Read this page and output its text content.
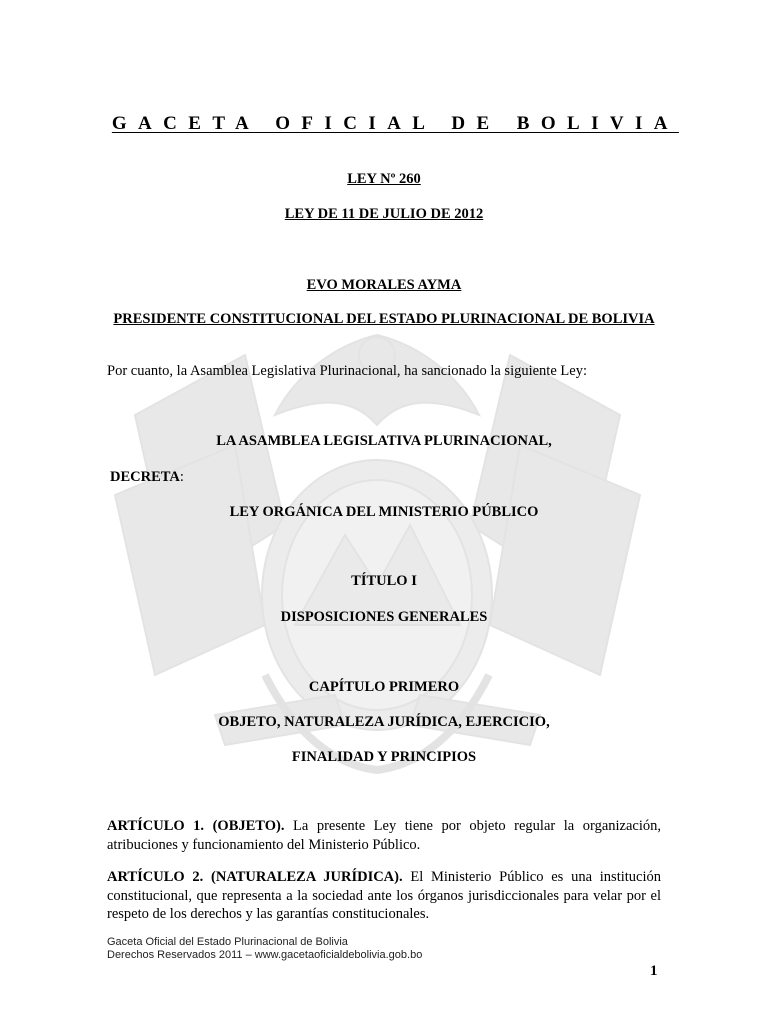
GACETA OFICIAL DE BOLIVIA
LEY Nº 260
LEY DE 11 DE JULIO DE 2012
EVO MORALES AYMA
PRESIDENTE CONSTITUCIONAL DEL ESTADO PLURINACIONAL DE BOLIVIA
Por cuanto, la Asamblea Legislativa Plurinacional, ha sancionado la siguiente Ley:
LA ASAMBLEA LEGISLATIVA PLURINACIONAL,
DECRETA:
LEY ORGÁNICA DEL MINISTERIO PÚBLICO
TÍTULO I
DISPOSICIONES GENERALES
CAPÍTULO PRIMERO
OBJETO, NATURALEZA JURÍDICA, EJERCICIO,
FINALIDAD Y PRINCIPIOS
ARTÍCULO 1. (OBJETO). La presente Ley tiene por objeto regular la organización, atribuciones y funcionamiento del Ministerio Público.
ARTÍCULO 2. (NATURALEZA JURÍDICA). El Ministerio Público es una institución constitucional, que representa a la sociedad ante los órganos jurisdiccionales para velar por el respeto de los derechos y las garantías constitucionales.
Gaceta Oficial del Estado Plurinacional de Bolivia
Derechos Reservados 2011 – www.gacetaoficialdebolivia.gob.bo
1
